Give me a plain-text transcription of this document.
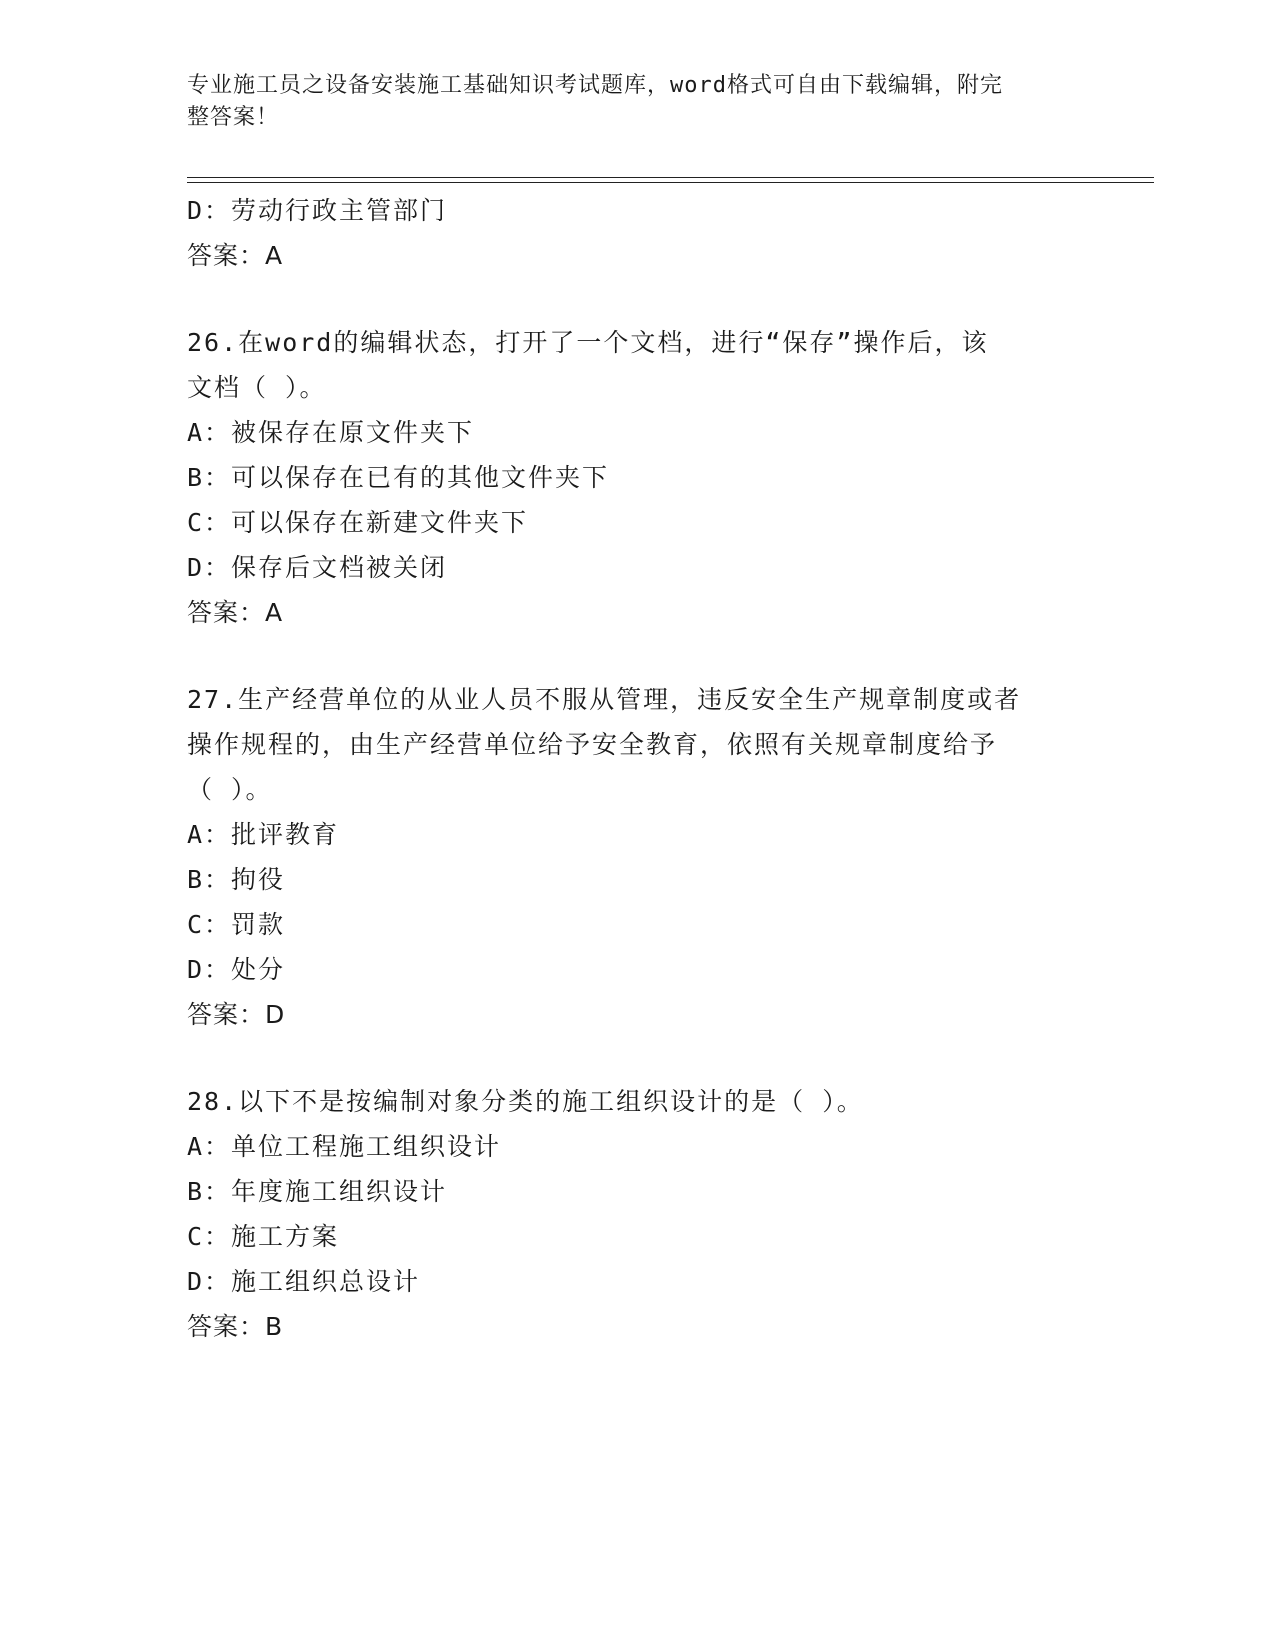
专业施工员之设备安装施工基础知识考试题库，word格式可自由下载编辑，附完
整答案！
D：劳动行政主管部门
答案：A
26.在word的编辑状态，打开了一个文档，进行“保存”操作后，该
文档（ ）。
A：被保存在原文件夹下
B：可以保存在已有的其他文件夹下
C：可以保存在新建文件夹下
D：保存后文档被关闭
答案：A
27.生产经营单位的从业人员不服从管理，违反安全生产规章制度或者
操作规程的，由生产经营单位给予安全教育，依照有关规章制度给予
（ ）。
A：批评教育
B：拘役
C：罚款
D：处分
答案：D
28.以下不是按编制对象分类的施工组织设计的是（ ）。
A：单位工程施工组织设计
B：年度施工组织设计
C：施工方案
D：施工组织总设计
答案：B
